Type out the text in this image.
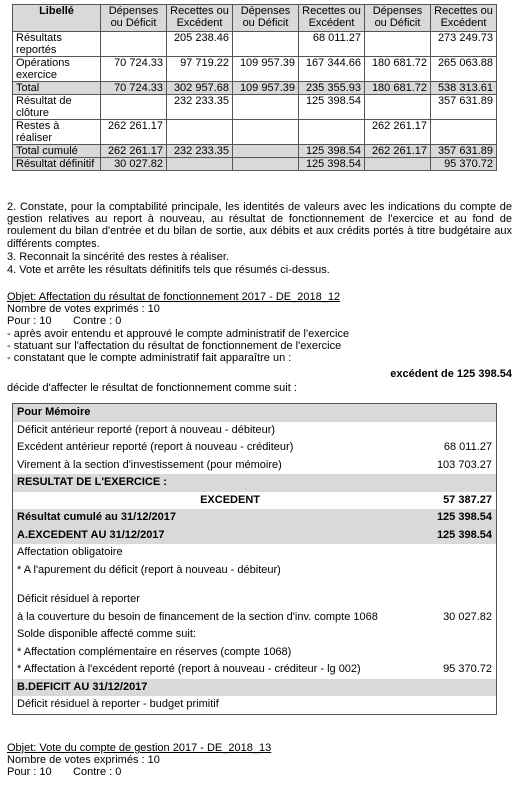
Libellé	Dépenses ou Déficit	Recettes ou Excédent	Dépenses ou Déficit	Recettes ou Excédent	Dépenses ou Déficit	Recettes ou Excédent
Résultats reportés		205 238.46		68 011.27		273 249.73
Opérations exercice	70 724.33	97 719.22	109 957.39	167 344.66	180 681.72	265 063.88
Total	70 724.33	302 957.68	109 957.39	235 355.93	180 681.72	538 313.61
Résultat de clôture		232 233.35		125 398.54		357 631.89
Restes à réaliser	262 261.17				262 261.17	
Total cumulé	262 261.17	232 233.35		125 398.54	262 261.17	357 631.89
Résultat définitif	30 027.82			125 398.54		95 370.72
2. Constate, pour la comptabilité principale, les identités de valeurs avec les indications du compte de gestion relatives au report à nouveau, au résultat de fonctionnement de l'exercice et au fond de roulement du bilan d'entrée et du bilan de sortie, aux débits et aux crédits portés à titre budgétaire aux différents comptes.
3. Reconnait la sincérité des restes à réaliser.
4. Vote et arrête les résultats définitifs tels que résumés ci-dessus.

Objet: Affectation du résultat de fonctionnement 2017 - DE_2018_12

Nombre de votes exprimés : 10

Pour : 10 Contre : 0

- après avoir entendu et approuvé le compte administratif de l'exercice

- statuant sur l'affectation du résultat de fonctionnement de l'exercice

- constatant que le compte administratif fait apparaître un :

excédent de 125 398.54

décide d'affecter le résultat de fonctionnement comme suit :

Pour Mémoire
Déficit antérieur reporté (report à nouveau - débiteur)
Excédent antérieur reporté (report à nouveau - créditeur)	68 011.27
Virement à la section d'investissement (pour mémoire)	103 703.27
RESULTAT DE L'EXERCICE :
EXCEDENT	57 387.27
Résultat cumulé au 31/12/2017	125 398.54
A.EXCEDENT AU 31/12/2017	125 398.54
Affectation obligatoire
* A l'apurement du déficit (report à nouveau - débiteur)
Déficit résiduel à reporter
à la couverture du besoin de financement de la section d'inv. compte 1068	30 027.82
Solde disponible affecté comme suit:
* Affectation complémentaire en réserves (compte 1068)
* Affectation à l'excédent reporté (report à nouveau - créditeur - lg 002)	95 370.72
B.DEFICIT AU 31/12/2017
Déficit résiduel à reporter - budget primitif

Objet: Vote du compte de gestion 2017 - DE_2018_13

Nombre de votes exprimés : 10

Pour : 10 Contre : 0
